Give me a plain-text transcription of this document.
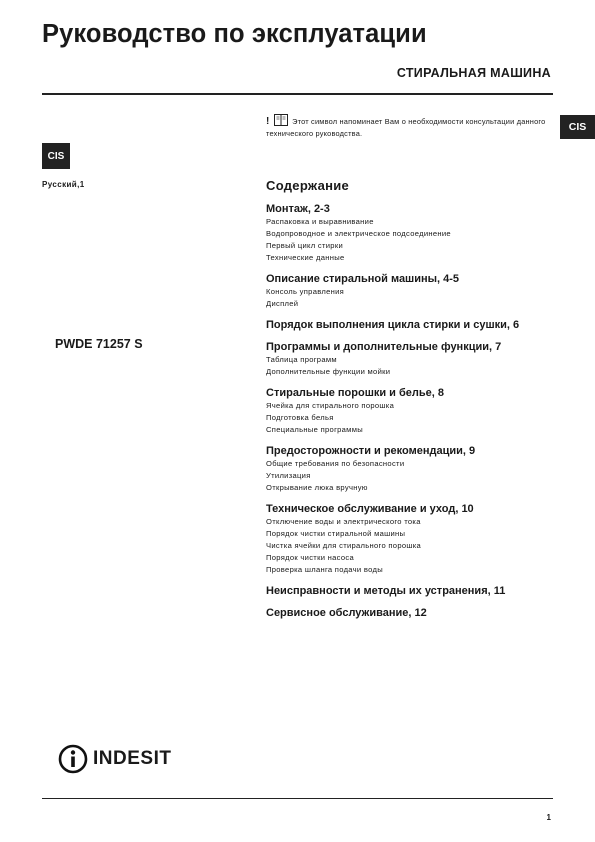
Руководство по эксплуатации
СТИРАЛЬНАЯ МАШИНА
CIS
CIS
Русский,1
PWDE 71257 S
!	Этот символ напоминает Вам о необходимости консультации данного технического руководства.
Содержание
Монтаж, 2-3
Распаковка и выравнивание
Водопроводное и электрическое подсоединение
Первый цикл стирки
Технические данные
Описание стиральной машины, 4-5
Консоль управления
Дисплей
Порядок выполнения цикла стирки и сушки, 6
Программы и дополнительные функции, 7
Таблица программ
Дополнительные функции мойки
Стиральные порошки и белье, 8
Ячейка для стирального порошка
Подготовка белья
Специальные программы
Предосторожности и рекомендации, 9
Общие требования по безопасности
Утилизация
Открывание люка вручную
Техническое обслуживание и уход, 10
Отключение воды и электрического тока
Порядок чистки стиральной машины
Чистка ячейки для стирального порошка
Порядок чистки насоса
Проверка шланга подачи воды
Неисправности и методы их устранения, 11
Сервисное обслуживание, 12
INDESIT
1
